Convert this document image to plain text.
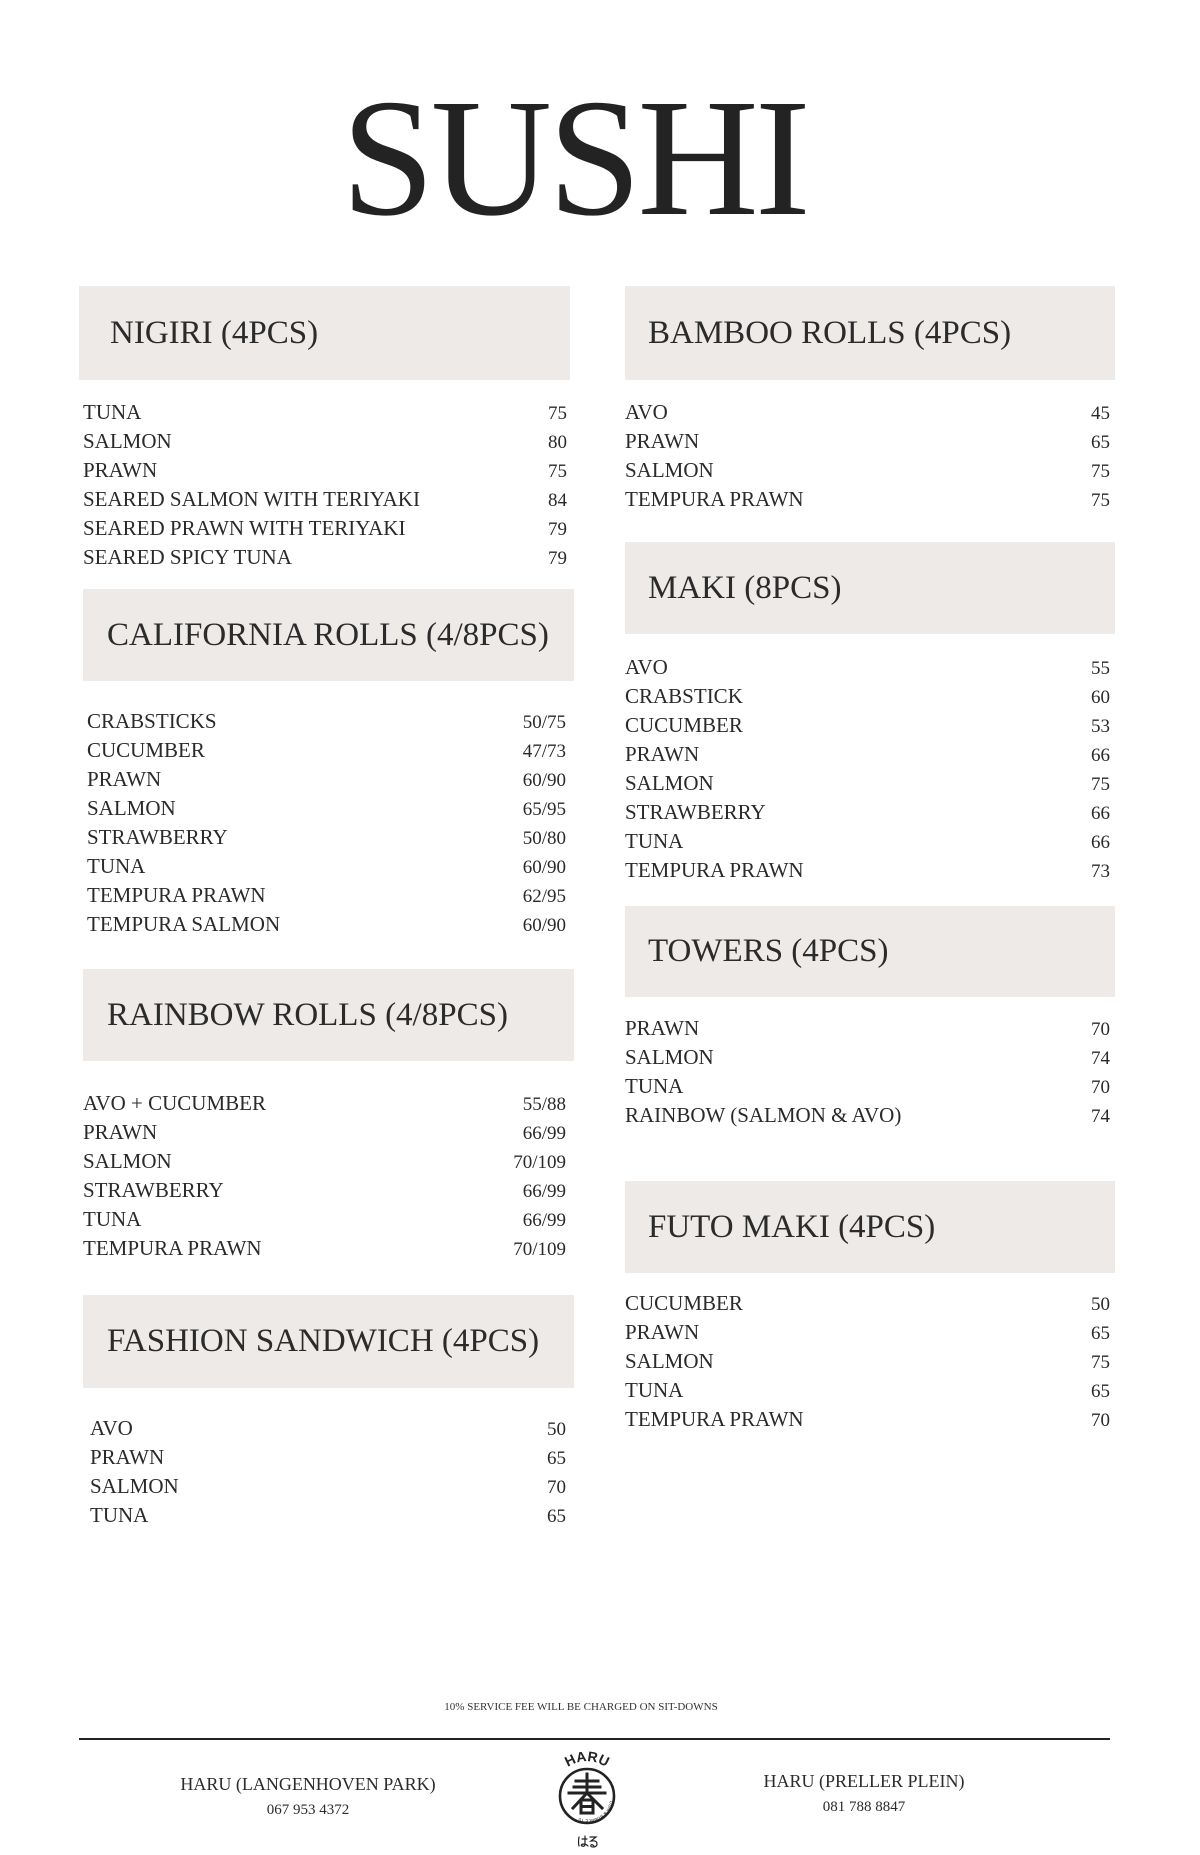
SUSHI
NIGIRI (4PCS)
TUNA	75
SALMON	80
PRAWN	75
SEARED SALMON WITH TERIYAKI	84
SEARED PRAWN WITH TERIYAKI	79
SEARED SPICY TUNA	79
CALIFORNIA ROLLS (4/8PCS)
CRABSTICKS	50/75
CUCUMBER	47/73
PRAWN	60/90
SALMON	65/95
STRAWBERRY	50/80
TUNA	60/90
TEMPURA PRAWN	62/95
TEMPURA SALMON	60/90
RAINBOW ROLLS (4/8PCS)
AVO + CUCUMBER	55/88
PRAWN	66/99
SALMON	70/109
STRAWBERRY	66/99
TUNA	66/99
TEMPURA PRAWN	70/109
FASHION SANDWICH (4PCS)
AVO	50
PRAWN	65
SALMON	70
TUNA	65
BAMBOO ROLLS (4PCS)
AVO	45
PRAWN	65
SALMON	75
TEMPURA PRAWN	75
MAKI (8PCS)
AVO	55
CRABSTICK	60
CUCUMBER	53
PRAWN	66
SALMON	75
STRAWBERRY	66
TUNA	66
TEMPURA PRAWN	73
TOWERS (4PCS)
PRAWN	70
SALMON	74
TUNA	70
RAINBOW (SALMON & AVO)	74
FUTO MAKI (4PCS)
CUCUMBER	50
PRAWN	65
SALMON	75
TUNA	65
TEMPURA PRAWN	70
10% SERVICE FEE WILL BE CHARGED ON SIT-DOWNS
HARU (LANGENHOVEN PARK)
067 953 4372
HARU (PRELLER PLEIN)
081 788 8847
HARU
USHI & BUBBLE TE
